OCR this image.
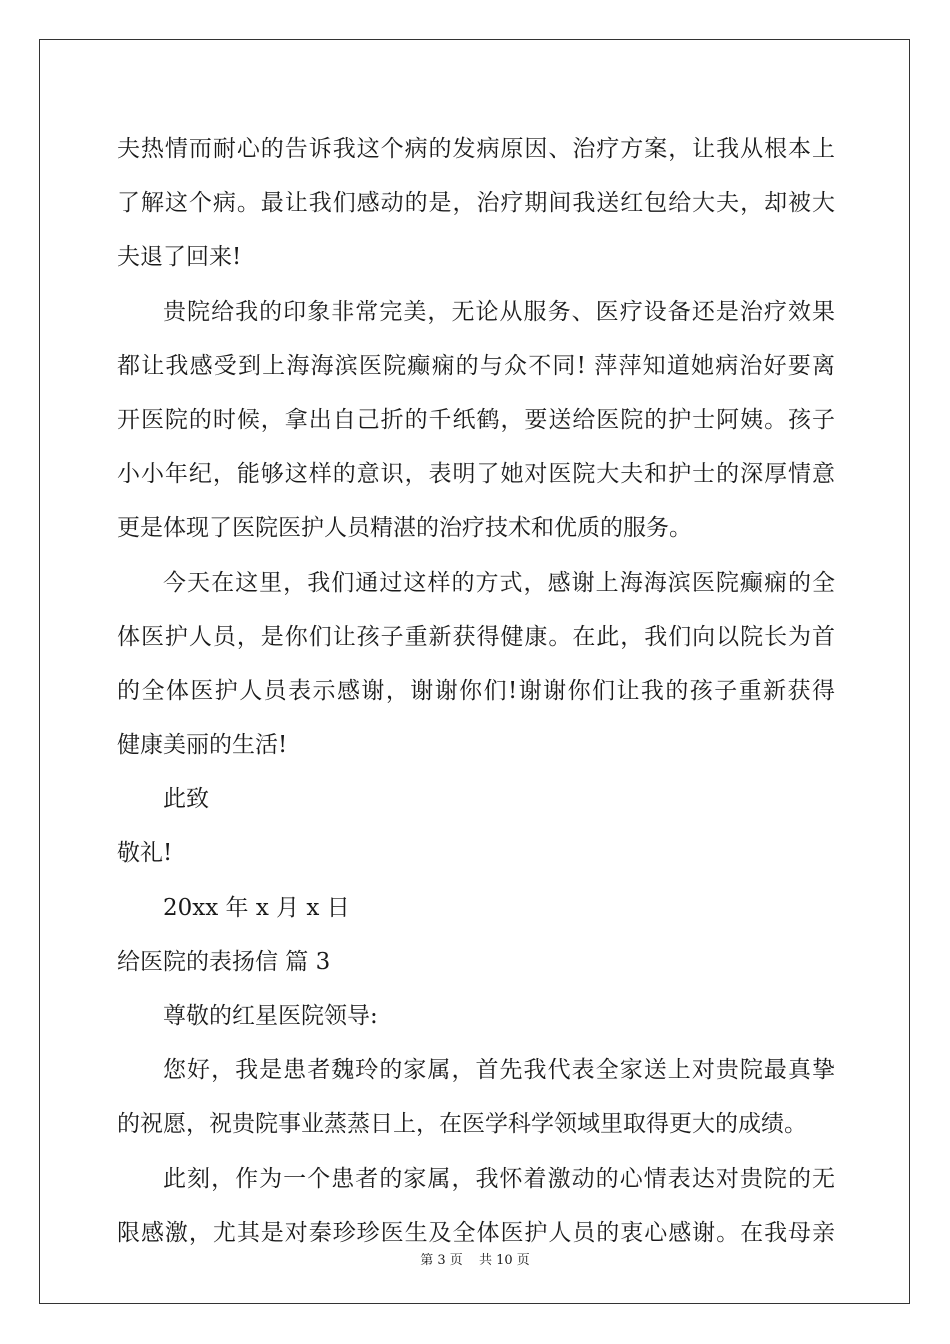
夫热情而耐心的告诉我这个病的发病原因、治疗方案，让我从根本上
了解这个病。最让我们感动的是，治疗期间我送红包给大夫，却被大
夫退了回来!
贵院给我的印象非常完美，无论从服务、医疗设备还是治疗效果
都让我感受到上海海滨医院癫痫的与众不同! 萍萍知道她病治好要离
开医院的时候，拿出自己折的千纸鹤，要送给医院的护士阿姨。孩子
小小年纪，能够这样的意识，表明了她对医院大夫和护士的深厚情意
更是体现了医院医护人员精湛的治疗技术和优质的服务。
今天在这里，我们通过这样的方式，感谢上海海滨医院癫痫的全
体医护人员，是你们让孩子重新获得健康。在此，我们向以院长为首
的全体医护人员表示感谢，谢谢你们!谢谢你们让我的孩子重新获得
健康美丽的生活!
此致
敬礼!
20xx 年 x 月 x 日
给医院的表扬信 篇 3
尊敬的红星医院领导:
您好，我是患者魏玲的家属，首先我代表全家送上对贵院最真挚
的祝愿，祝贵院事业蒸蒸日上，在医学科学领域里取得更大的成绩。
此刻，作为一个患者的家属，我怀着激动的心情表达对贵院的无
限感激，尤其是对秦珍珍医生及全体医护人员的衷心感谢。在我母亲
第 3 页 共 10 页
